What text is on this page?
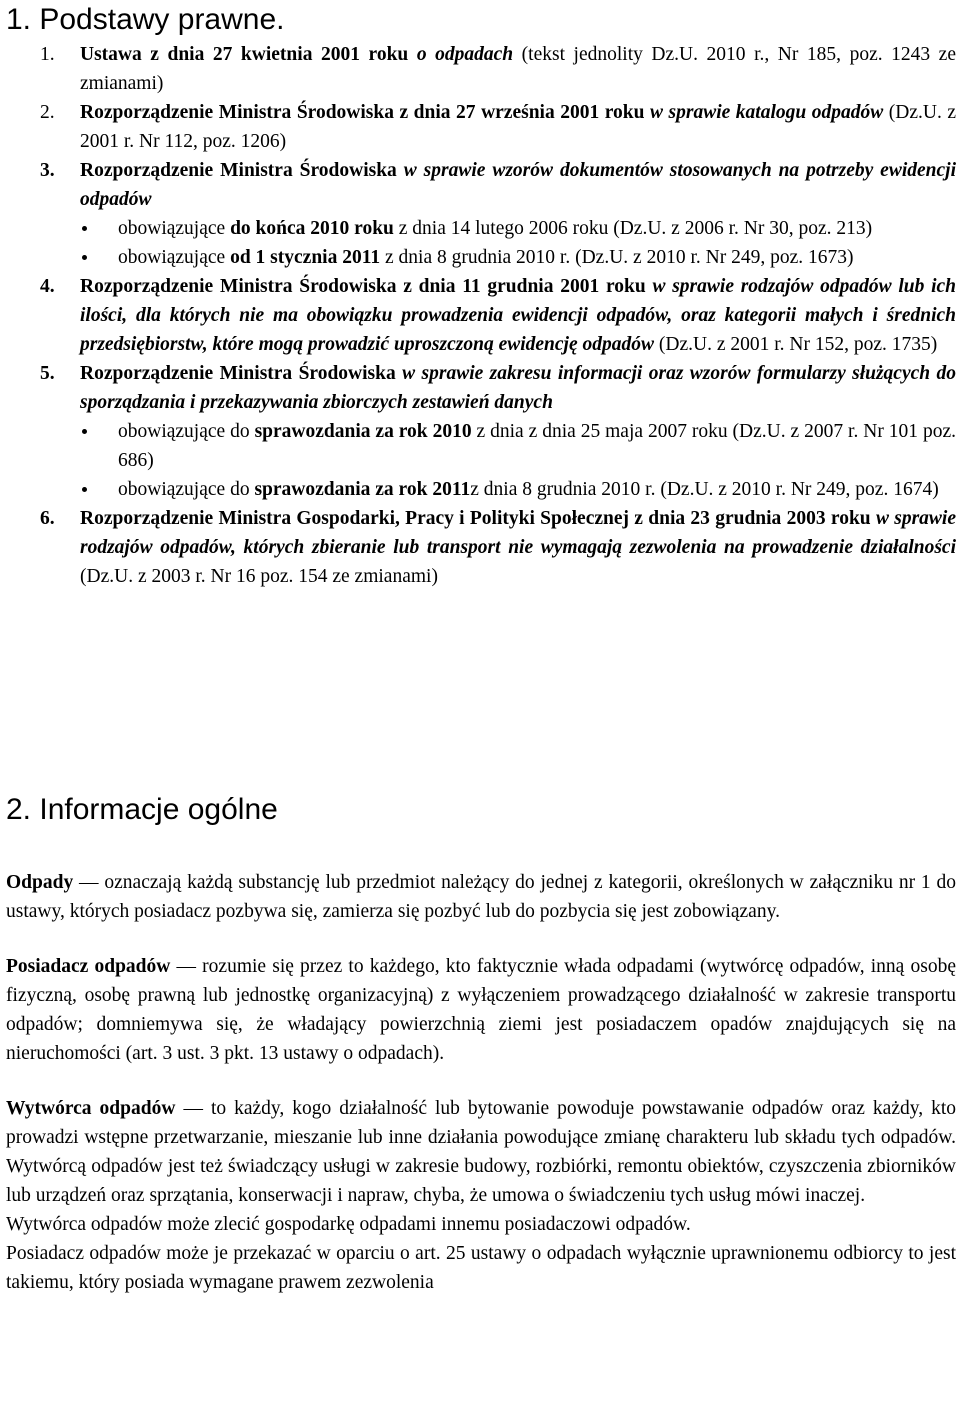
1. Podstawy prawne.
1. Ustawa z dnia 27 kwietnia 2001 roku o odpadach (tekst jednolity Dz.U. 2010 r., Nr 185, poz. 1243 ze zmianami)
2. Rozporządzenie Ministra Środowiska z dnia 27 września 2001 roku w sprawie katalogu odpadów (Dz.U. z 2001 r. Nr 112, poz. 1206)
3. Rozporządzenie Ministra Środowiska w sprawie wzorów dokumentów stosowanych na potrzeby ewidencji odpadów
obowiązujące do końca 2010 roku z dnia 14 lutego 2006 roku (Dz.U. z 2006 r. Nr 30, poz. 213)
obowiązujące od 1 stycznia 2011 z dnia 8 grudnia 2010 r. (Dz.U. z 2010 r. Nr 249, poz. 1673)
4. Rozporządzenie Ministra Środowiska z dnia 11 grudnia 2001 roku w sprawie rodzajów odpadów lub ich ilości, dla których nie ma obowiązku prowadzenia ewidencji odpadów, oraz kategorii małych i średnich przedsiębiorstw, które mogą prowadzić uproszczoną ewidencję odpadów (Dz.U. z 2001 r. Nr 152, poz. 1735)
5. Rozporządzenie Ministra Środowiska w sprawie zakresu informacji oraz wzorów formularzy służących do sporządzania i przekazywania zbiorczych zestawień danych
obowiązujące do sprawozdania za rok 2010 z dnia z dnia 25 maja 2007 roku (Dz.U. z 2007 r. Nr 101 poz. 686)
obowiązujące do sprawozdania za rok 2011z dnia 8 grudnia 2010 r. (Dz.U. z 2010 r. Nr 249, poz. 1674)
6. Rozporządzenie Ministra Gospodarki, Pracy i Polityki Społecznej z dnia 23 grudnia 2003 roku w sprawie rodzajów odpadów, których zbieranie lub transport nie wymagają zezwolenia na prowadzenie działalności (Dz.U. z 2003 r. Nr 16 poz. 154 ze zmianami)
2. Informacje ogólne

Odpady — oznaczają każdą substancję lub przedmiot należący do jednej z kategorii, określonych w załączniku nr 1 do ustawy, których posiadacz pozbywa się, zamierza się pozbyć lub do pozbycia się jest zobowiązany.

Posiadacz odpadów — rozumie się przez to każdego, kto faktycznie włada odpadami (wytwórcę odpadów, inną osobę fizyczną, osobę prawną lub jednostkę organizacyjną) z wyłączeniem prowadzącego działalność w zakresie transportu odpadów; domniemywa się, że władający powierzchnią ziemi jest posiadaczem opadów znajdujących się na nieruchomości (art. 3 ust. 3 pkt. 13 ustawy o odpadach).

Wytwórca odpadów — to każdy, kogo działalność lub bytowanie powoduje powstawanie odpadów oraz każdy, kto prowadzi wstępne przetwarzanie, mieszanie lub inne działania powodujące zmianę charakteru lub składu tych odpadów. Wytwórcą odpadów jest też świadczący usługi w zakresie budowy, rozbiórki, remontu obiektów, czyszczenia zbiorników lub urządzeń oraz sprzątania, konserwacji i napraw, chyba, że umowa o świadczeniu tych usług mówi inaczej.

Wytwórca odpadów może zlecić gospodarkę odpadami innemu posiadaczowi odpadów.

Posiadacz odpadów może je przekazać w oparciu o art. 25 ustawy o odpadach wyłącznie uprawnionemu odbiorcy to jest takiemu, który posiada wymagane prawem zezwolenia
